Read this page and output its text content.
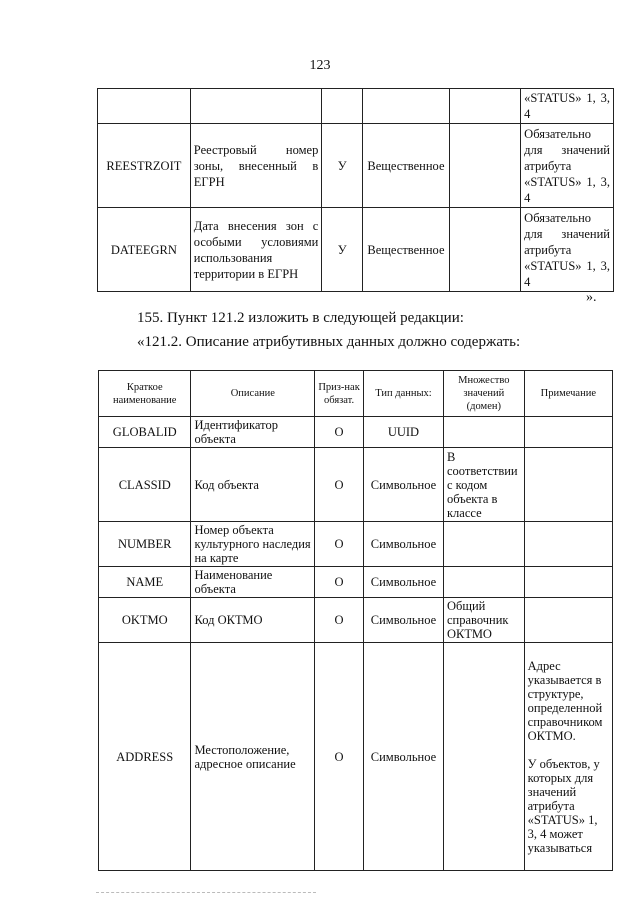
123
					«STATUS» 1, 3, 4
REESTRZOIT	Реестровый номер зоны, внесенный в ЕГРН	У	Вещественное		Обязательно для значений атрибута «STATUS» 1, 3, 4
DATEEGRN	Дата внесения зон с особыми условиями использования территории в ЕГРН	У	Вещественное		Обязательно для значений атрибута «STATUS» 1, 3, 4
».
155. Пункт 121.2 изложить в следующей редакции:
«121.2. Описание атрибутивных данных должно содержать:
Краткое наименование	Описание	Приз-нак обязат.	Тип данных:	Множество значений (домен)	Примечание
GLOBALID	Идентификатор объекта	О	UUID		
CLASSID	Код объекта	О	Символьное	В соответствии с кодом объекта в классе	
NUMBER	Номер объекта культурного наследия на карте	О	Символьное		
NAME	Наименование объекта	О	Символьное		
OKTMO	Код ОКТМО	О	Символьное	Общий справочник ОКТМО	
ADDRESS	Местоположение, адресное описание	О	Символьное		Адрес указывается в структуре, определенной справочником ОКТМО.
У объектов, у которых для значений атрибута «STATUS» 1, 3, 4 может указываться
